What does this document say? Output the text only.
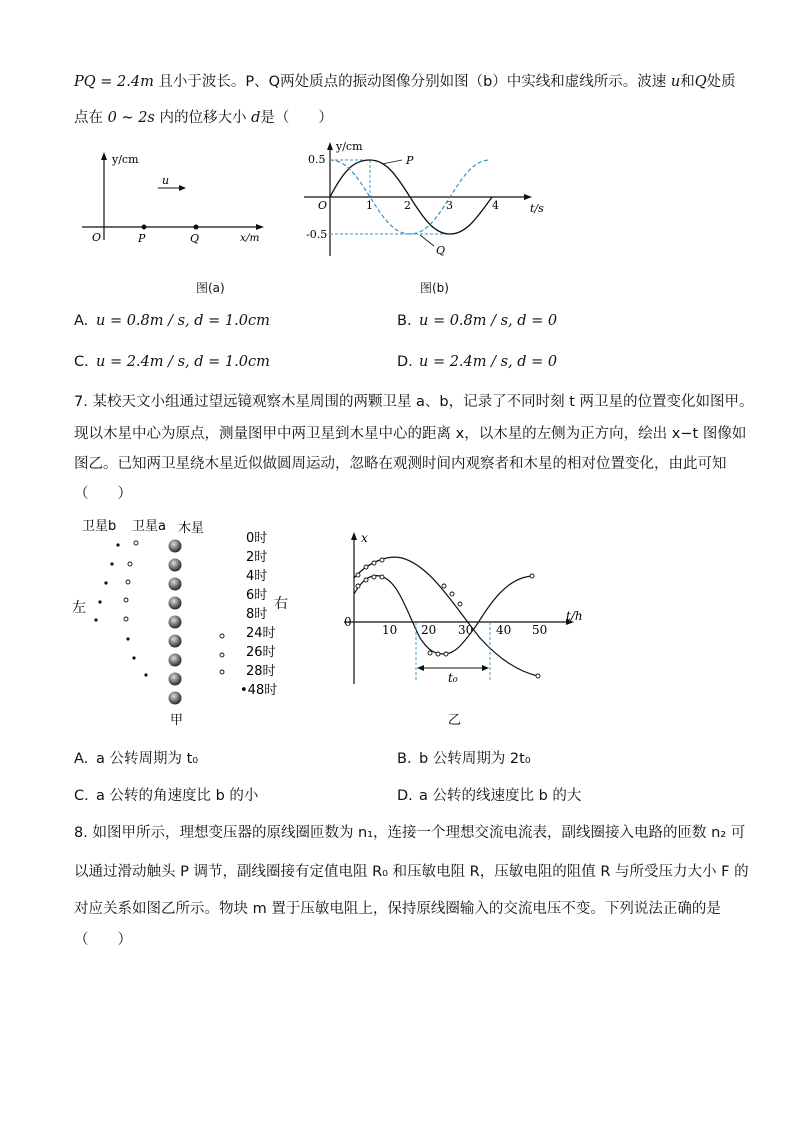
PQ = 2.4m 且小于波长。P、Q两处质点的振动图像分别如图（b）中实线和虚线所示。波速 u和Q处质
点在 0 ~ 2s 内的位移大小 d是（　　）
y/cm
u
O	P	Q	x/m
图(a)
y/cm
0.5
-0.5
O	1	2	3	4	t/s
P
Q
图(b)
A. u = 0.8m / s, d = 1.0cm	B. u = 0.8m / s, d = 0
C. u = 2.4m / s, d = 1.0cm	D. u = 2.4m / s, d = 0
7. 某校天文小组通过望远镜观察木星周围的两颗卫星 a、b，记录了不同时刻 t 两卫星的位置变化如图甲。
现以木星中心为原点，测量图甲中两卫星到木星中心的距离 x，以木星的左侧为正方向，绘出 x−t 图像如
图乙。已知两卫星绕木星近似做圆周运动，忽略在观测时间内观察者和木星的相对位置变化，由此可知
（　　）
卫星b 卫星a 木星
左	右
0时
2时
4时
6时
8时
24时
26时
28时
•48时
甲
x
t/h
0
10 20 30 40 50
t₀
乙
A. a 公转周期为 t₀	B. b 公转周期为 2t₀
C. a 公转的角速度比 b 的小	D. a 公转的线速度比 b 的大
8. 如图甲所示，理想变压器的原线圈匝数为 n₁，连接一个理想交流电流表，副线圈接入电路的匝数 n₂ 可
以通过滑动触头 P 调节，副线圈接有定值电阻 R₀ 和压敏电阻 R，压敏电阻的阻值 R 与所受压力大小 F 的
对应关系如图乙所示。物块 m 置于压敏电阻上，保持原线圈输入的交流电压不变。下列说法正确的是
（　　）
